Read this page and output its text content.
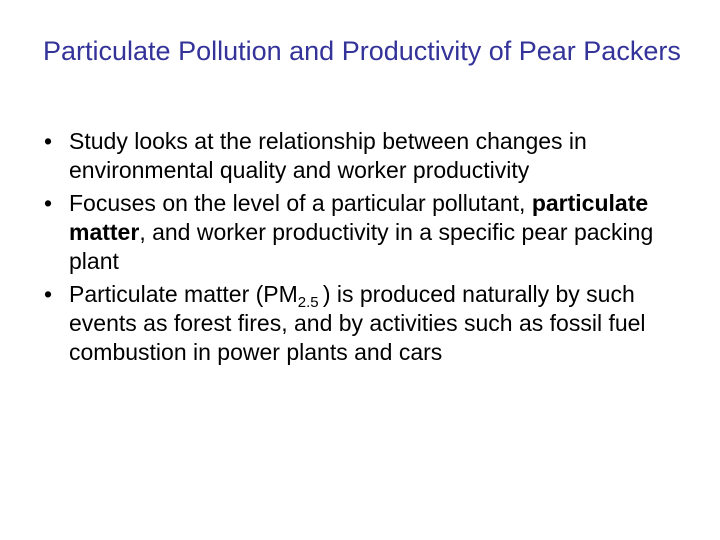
Particulate Pollution and Productivity of Pear Packers
• Study looks at the relationship between changes in environmental quality and worker productivity
• Focuses on the level of a particular pollutant, particulate matter, and worker productivity in a specific pear packing plant
• Particulate matter ($PM_{2.5}$ ) is produced naturally by such events as forest fires, and by activities such as fossil fuel combustion in power plants and cars
